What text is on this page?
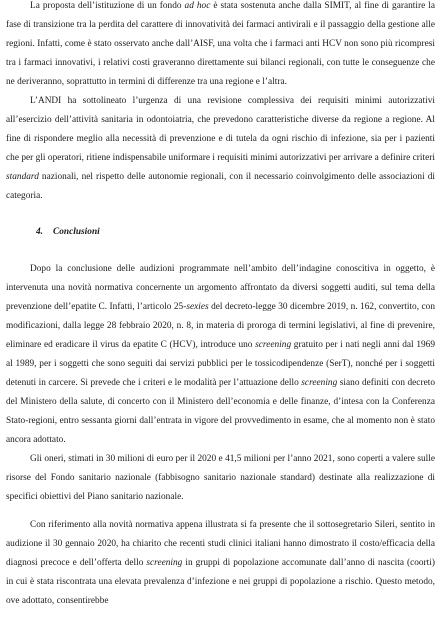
La proposta dell’istituzione di un fondo ad hoc è stata sostenuta anche dalla SIMIT, al fine di garantire la fase di transizione tra la perdita del carattere di innovatività dei farmaci antivirali e il passaggio della gestione alle regioni. Infatti, come è stato osservato anche dall’AISF, una volta che i farmaci anti HCV non sono più ricompresi tra i farmaci innovativi, i relativi costi graveranno direttamente sui bilanci regionali, con tutte le conseguenze che ne deriveranno, soprattutto in termini di differenze tra una regione e l’altra.

L’ANDI ha sottolineato l’urgenza di una revisione complessiva dei requisiti minimi autorizzativi all’esercizio dell’attività sanitaria in odontoiatria, che prevedono caratteristiche diverse da regione a regione. Al fine di rispondere meglio alla necessità di prevenzione e di tutela da ogni rischio di infezione, sia per i pazienti che per gli operatori, ritiene indispensabile uniformare i requisiti minimi autorizzativi per arrivare a definire criteri standard nazionali, nel rispetto delle autonomie regionali, con il necessario coinvolgimento delle associazioni di categoria.

4. Conclusioni

Dopo la conclusione delle audizioni programmate nell’ambito dell’indagine conoscitiva in oggetto, è intervenuta una novità normativa concernente un argomento affrontato da diversi soggetti auditi, sul tema della prevenzione dell’epatite C. Infatti, l’articolo 25-sexies del decreto-legge 30 dicembre 2019, n. 162, convertito, con modificazioni, dalla legge 28 febbraio 2020, n. 8, in materia di proroga di termini legislativi, al fine di prevenire, eliminare ed eradicare il virus da epatite C (HCV), introduce uno screening gratuito per i nati negli anni dal 1969 al 1989, per i soggetti che sono seguiti dai servizi pubblici per le tossicodipendenze (SerT), nonché per i soggetti detenuti in carcere. Si prevede che i criteri e le modalità per l’attuazione dello screening siano definiti con decreto del Ministero della salute, di concerto con il Ministero dell’economia e delle finanze, d’intesa con la Conferenza Stato-regioni, entro sessanta giorni dall’entrata in vigore del provvedimento in esame, che al momento non è stato ancora adottato.

Gli oneri, stimati in 30 milioni di euro per il 2020 e 41,5 milioni per l’anno 2021, sono coperti a valere sulle risorse del Fondo sanitario nazionale (fabbisogno sanitario nazionale standard) destinate alla realizzazione di specifici obiettivi del Piano sanitario nazionale.

Con riferimento alla novità normativa appena illustrata si fa presente che il sottosegretario Sileri, sentito in audizione il 30 gennaio 2020, ha chiarito che recenti studi clinici italiani hanno dimostrato il costo/efficacia della diagnosi precoce e dell’offerta dello screening in gruppi di popolazione accomunate dall’anno di nascita (coorti) in cui è stata riscontrata una elevata prevalenza d’infezione e nei gruppi di popolazione a rischio. Questo metodo, ove adottato, consentirebbe
